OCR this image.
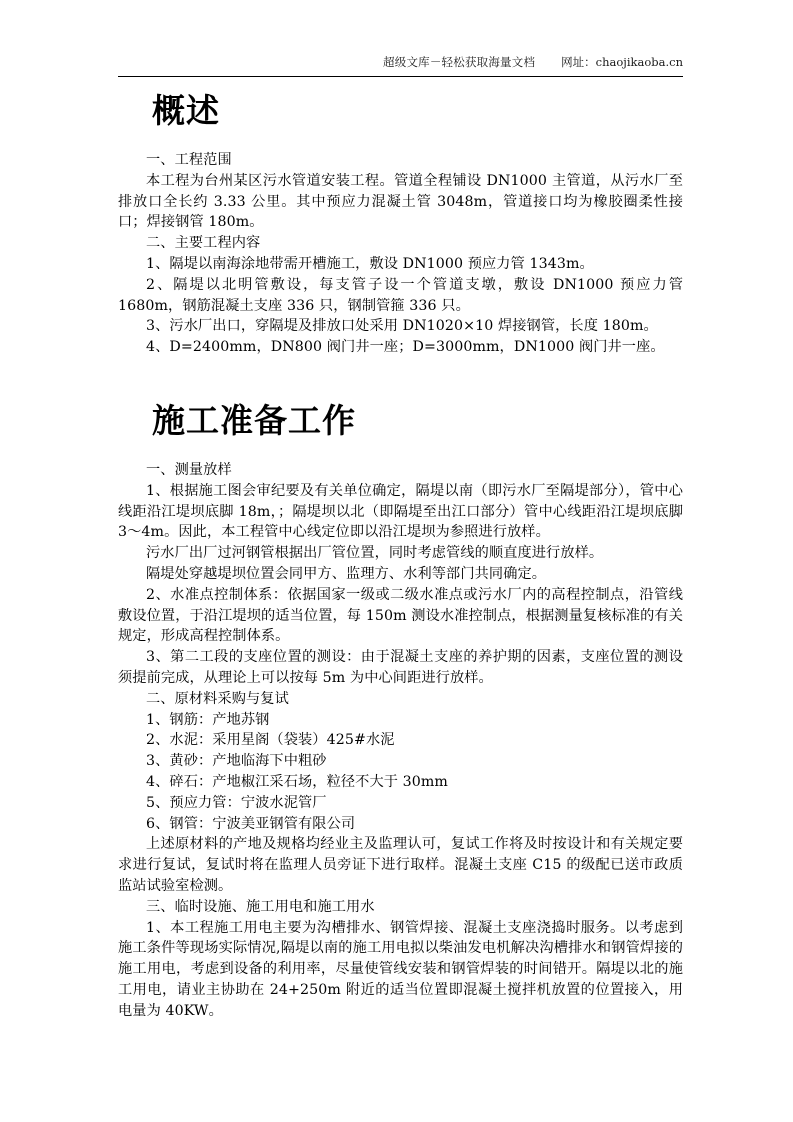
超级文库－轻松获取海量文档 网址：chaojikaoba.cn
概述

一、工程范围

本工程为台州某区污水管道安装工程。管道全程铺设 DN1000 主管道，从污水厂至排放口全长约 3.33 公里。其中预应力混凝土管 3048m，管道接口均为橡胶圈柔性接口；焊接钢管 180m。

二、主要工程内容

1、隔堤以南海涂地带需开槽施工，敷设 DN1000 预应力管 1343m。

2、隔堤以北明管敷设，每支管子设一个管道支墩，敷设 DN1000 预应力管 1680m，钢筋混凝土支座 336 只，钢制管箍 336 只。

3、污水厂出口，穿隔堤及排放口处采用 DN1020×10 焊接钢管，长度 180m。

4、D=2400mm，DN800 阀门井一座；D=3000mm，DN1000 阀门井一座。

施工准备工作

一、测量放样

1、根据施工图会审纪要及有关单位确定，隔堤以南（即污水厂至隔堤部分），管中心线距沿江堤坝底脚 18m，；隔堤坝以北（即隔堤至出江口部分）管中心线距沿江堤坝底脚 3～4m。因此，本工程管中心线定位即以沿江堤坝为参照进行放样。

污水厂出厂过河钢管根据出厂管位置，同时考虑管线的顺直度进行放样。

隔堤处穿越堤坝位置会同甲方、监理方、水利等部门共同确定。

2、水准点控制体系：依据国家一级或二级水准点或污水厂内的高程控制点，沿管线敷设位置，于沿江堤坝的适当位置，每 150m 测设水准控制点，根据测量复核标准的有关规定，形成高程控制体系。

3、第二工段的支座位置的测设：由于混凝土支座的养护期的因素，支座位置的测设须提前完成，从理论上可以按每 5m 为中心间距进行放样。

二、原材料采购与复试

1、钢筋：产地苏钢

2、水泥：采用星阁（袋装）425#水泥

3、黄砂：产地临海下中粗砂

4、碎石：产地椒江采石场，粒径不大于 30mm

5、预应力管：宁波水泥管厂

6、钢管：宁波美亚钢管有限公司

上述原材料的产地及规格均经业主及监理认可，复试工作将及时按设计和有关规定要求进行复试，复试时将在监理人员旁证下进行取样。混凝土支座 C15 的级配已送市政质监站试验室检测。

三、临时设施、施工用电和施工用水

1、本工程施工用电主要为沟槽排水、钢管焊接、混凝土支座浇捣时服务。以考虑到施工条件等现场实际情况,隔堤以南的施工用电拟以柴油发电机解决沟槽排水和钢管焊接的施工用电，考虑到设备的利用率，尽量使管线安装和钢管焊装的时间错开。隔堤以北的施工用电，请业主协助在 24+250m 附近的适当位置即混凝土搅拌机放置的位置接入，用电量为 40KW。
